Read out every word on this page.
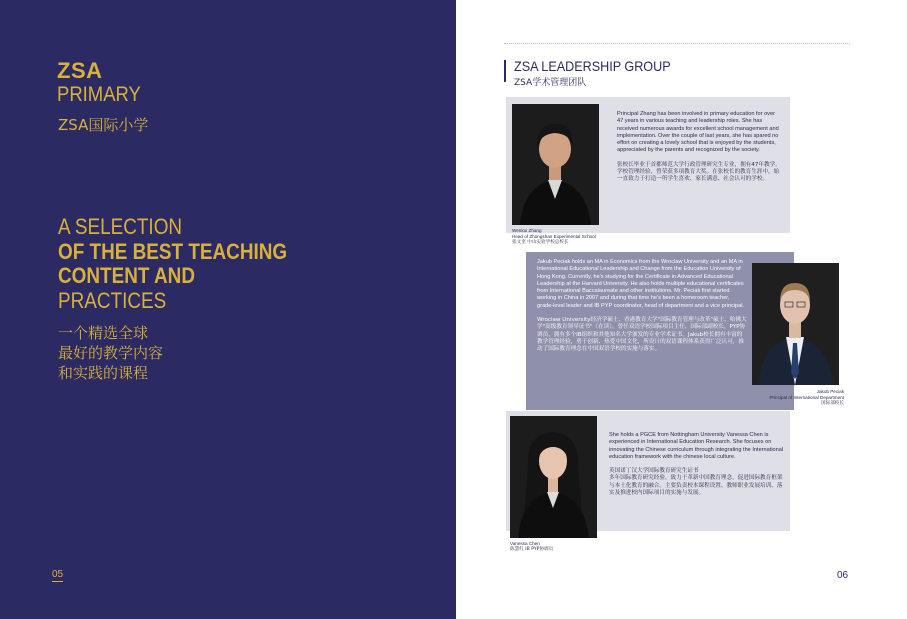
ZSA
PRIMARY
ZSA国际小学
A SELECTION
OF THE BEST TEACHING
CONTENT AND
PRACTICES
一个精选全球
最好的教学内容
和实践的课程
05
ZSA LEADERSHIP GROUP
ZSA学术管理团队

Principal Zhang has been involved in primary education for over 47 years in various teaching and leadership roles. She has received numerous awards for excellent school management and implementation. Over the couple of last years, she has spared no effort on creating a lovely school that is enjoyed by the students, appreciated by the parents and recognized by the society.

张校长毕业于首都师范大学行政管理研究生专业，拥有47年教学、学校管理经验，曾荣获多项教育大奖。在张校长的教育生涯中，始一直致力于打造一所学生喜欢、家长满意、社会认可的学校。

Wenkui Zhang
Head of Zhongshan Experimental School
张文奎 中山实验学校总校长

Jakub Peciak holds an MA in Economics from the Wroclaw University and an MA in International Educational Leadership and Change from the Education University of Hong Kong. Currently, he's studying for the Certificate in Advanced Educational Leadership at the Harvard University. He also holds multiple educational certificates from International Baccalaureate and other institutions. Mr. Peciak first started working in China in 2007 and during that time he's been a homeroom teacher, grade-level leader and IB PYP coordinator, head of department and a vice principal.

Wroclaw University经济学硕士、香港教育大学"国际教育管理与改革"硕士、哈佛大学"高级教育领导证书"（在读）。曾任双语学校国际项目主任、国际部副校长，PYP协调员，拥有多个IB组织和其他知名大学颁发的专业学术证书。Jakub校长拥有丰富的教学管理经验，勇于创新、热爱中国文化，所设计的双语课程体系获得广泛认可，推动了国际教育理念在中国双语学校的实施与落实。

Jakub Peciak
Principal of International Department
国际部校长

She holds a PGCE from Nottingham University Vanessa Chen is experienced in International Education Research. She focuses on innovating the Chinese curriculum through integrating the International education framework with the chinese local culture.

英国诺丁汉大学国际教育研究生证书
多年国际教育研究经验，致力于革新中国教育理念，促进国际教育框架与本土化教育的融合。主要负责校本课程设置、教师职业发展培训、落实及推进校内国际项目的实施与发展。

Vanessa Chen
陈慧红 IB PYP协调员
06
